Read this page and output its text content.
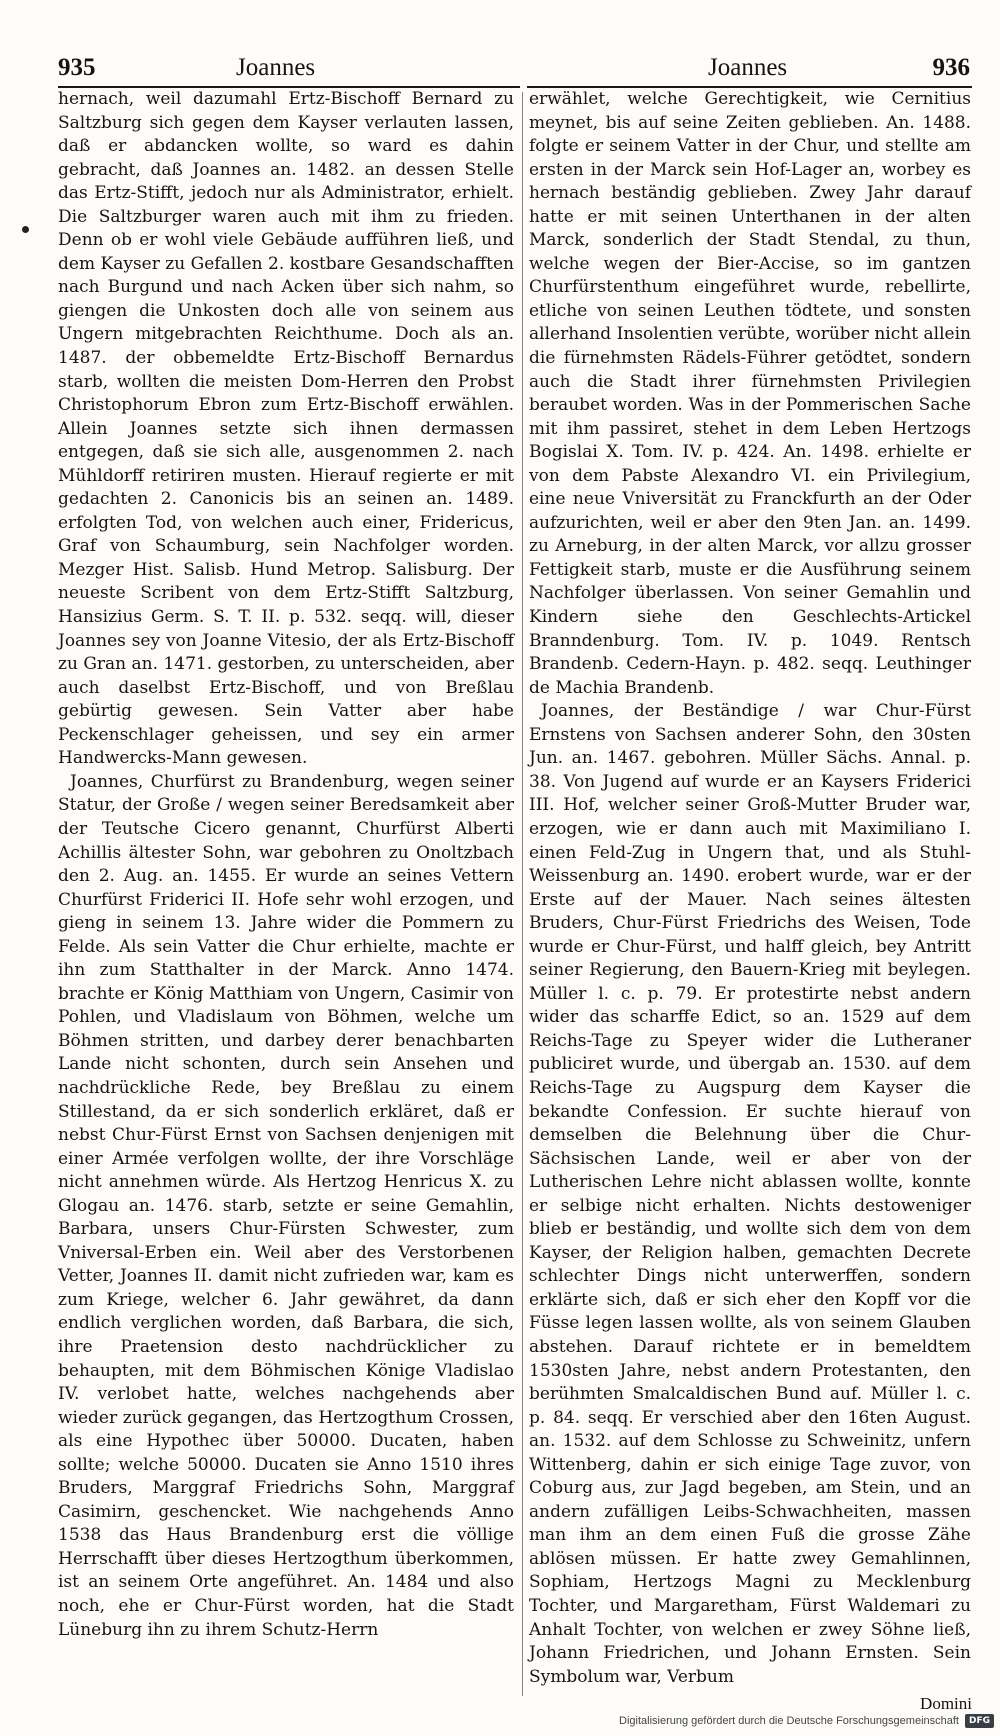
935	Joannes	Joannes	936

hernach, weil dazumahl Ertz-Bischoff Bernard zu Saltzburg sich gegen dem Kayser verlauten lassen, daß er abdancken wollte, so ward es dahin gebracht, daß Joannes an. 1482. an dessen Stelle das Ertz-Stifft, jedoch nur als Administrator, erhielt. Die Saltzburger waren auch mit ihm zu frieden. Denn ob er wohl viele Gebäude aufführen ließ, und dem Kayser zu Gefallen 2. kostbare Gesandschafften nach Burgund und nach Acken über sich nahm, so giengen die Unkosten doch alle von seinem aus Ungern mitgebrachten Reichthume. Doch als an. 1487. der obbemeldte Ertz-Bischoff Bernardus starb, wollten die meisten Dom-Herren den Probst Christophorum Ebron zum Ertz-Bischoff erwählen. Allein Joannes setzte sich ihnen dermassen entgegen, daß sie sich alle, ausgenommen 2. nach Mühldorff retiriren musten. Hierauf regierte er mit gedachten 2. Canonicis bis an seinen an. 1489. erfolgten Tod, von welchen auch einer, Fridericus, Graf von Schaumburg, sein Nachfolger worden. Mezger Hist. Salisb. Hund Metrop. Salisburg. Der neueste Scribent von dem Ertz-Stifft Saltzburg, Hansizius Germ. S. T. II. p. 532. seqq. will, dieser Joannes sey von Joanne Vitesio, der als Ertz-Bischoff zu Gran an. 1471. gestorben, zu unterscheiden, aber auch daselbst Ertz-Bischoff, und von Breßlau gebürtig gewesen. Sein Vatter aber habe Peckenschlager geheissen, und sey ein armer Handwercks-Mann gewesen.

Joannes, Churfürst zu Brandenburg, wegen seiner Statur, der Große / wegen seiner Beredsamkeit aber der Teutsche Cicero genannt, Churfürst Alberti Achillis ältester Sohn, war gebohren zu Onoltzbach den 2. Aug. an. 1455. Er wurde an seines Vettern Churfürst Friderici II. Hofe sehr wohl erzogen, und gieng in seinem 13. Jahre wider die Pommern zu Felde. Als sein Vatter die Chur erhielte, machte er ihn zum Statthalter in der Marck. Anno 1474. brachte er König Matthiam von Ungern, Casimir von Pohlen, und Vladislaum von Böhmen, welche um Böhmen stritten, und darbey derer benachbarten Lande nicht schonten, durch sein Ansehen und nachdrückliche Rede, bey Breßlau zu einem Stillestand, da er sich sonderlich erkläret, daß er nebst Chur-Fürst Ernst von Sachsen denjenigen mit einer Armée verfolgen wollte, der ihre Vorschläge nicht annehmen würde. Als Hertzog Henricus X. zu Glogau an. 1476. starb, setzte er seine Gemahlin, Barbara, unsers Chur-Fürsten Schwester, zum Vniversal-Erben ein. Weil aber des Verstorbenen Vetter, Joannes II. damit nicht zufrieden war, kam es zum Kriege, welcher 6. Jahr gewähret, da dann endlich verglichen worden, daß Barbara, die sich, ihre Praetension desto nachdrücklicher zu behaupten, mit dem Böhmischen Könige Vladislao IV. verlobet hatte, welches nachgehends aber wieder zurück gegangen, das Hertzogthum Crossen, als eine Hypothec über 50000. Ducaten, haben sollte; welche 50000. Ducaten sie Anno 1510 ihres Bruders, Marggraf Friedrichs Sohn, Marggraf Casimirn, geschencket. Wie nachgehends Anno 1538 das Haus Brandenburg erst die völlige Herrschafft über dieses Hertzogthum überkommen, ist an seinem Orte angeführet. An. 1484 und also noch, ehe er Chur-Fürst worden, hat die Stadt Lüneburg ihn zu ihrem Schutz-Herrn

erwählet, welche Gerechtigkeit, wie Cernitius meynet, bis auf seine Zeiten geblieben. An. 1488. folgte er seinem Vatter in der Chur, und stellte am ersten in der Marck sein Hof-Lager an, worbey es hernach beständig geblieben. Zwey Jahr darauf hatte er mit seinen Unterthanen in der alten Marck, sonderlich der Stadt Stendal, zu thun, welche wegen der Bier-Accise, so im gantzen Churfürstenthum eingeführet wurde, rebellirte, etliche von seinen Leuthen tödtete, und sonsten allerhand Insolentien verübte, worüber nicht allein die fürnehmsten Rädels-Führer getödtet, sondern auch die Stadt ihrer fürnehmsten Privilegien beraubet worden. Was in der Pommerischen Sache mit ihm passiret, stehet in dem Leben Hertzogs Bogislai X. Tom. IV. p. 424. An. 1498. erhielte er von dem Pabste Alexandro VI. ein Privilegium, eine neue Vniversität zu Franckfurth an der Oder aufzurichten, weil er aber den 9ten Jan. an. 1499. zu Arneburg, in der alten Marck, vor allzu grosser Fettigkeit starb, muste er die Ausführung seinem Nachfolger überlassen. Von seiner Gemahlin und Kindern siehe den Geschlechts-Artickel Branndenburg. Tom. IV. p. 1049. Rentsch Brandenb. Cedern-Hayn. p. 482. seqq. Leuthinger de Machia Brandenb.

Joannes, der Beständige / war Chur-Fürst Ernstens von Sachsen anderer Sohn, den 30sten Jun. an. 1467. gebohren. Müller Sächs. Annal. p. 38. Von Jugend auf wurde er an Kaysers Friderici III. Hof, welcher seiner Groß-Mutter Bruder war, erzogen, wie er dann auch mit Maximiliano I. einen Feld-Zug in Ungern that, und als Stuhl-Weissenburg an. 1490. erobert wurde, war er der Erste auf der Mauer. Nach seines ältesten Bruders, Chur-Fürst Friedrichs des Weisen, Tode wurde er Chur-Fürst, und halff gleich, bey Antritt seiner Regierung, den Bauern-Krieg mit beylegen. Müller l. c. p. 79. Er protestirte nebst andern wider das scharffe Edict, so an. 1529 auf dem Reichs-Tage zu Speyer wider die Lutheraner publiciret wurde, und übergab an. 1530. auf dem Reichs-Tage zu Augspurg dem Kayser die bekandte Confession. Er suchte hierauf von demselben die Belehnung über die Chur-Sächsischen Lande, weil er aber von der Lutherischen Lehre nicht ablassen wollte, konnte er selbige nicht erhalten. Nichts destoweniger blieb er beständig, und wollte sich dem von dem Kayser, der Religion halben, gemachten Decrete schlechter Dings nicht unterwerffen, sondern erklärte sich, daß er sich eher den Kopff vor die Füsse legen lassen wollte, als von seinem Glauben abstehen. Darauf richtete er in bemeldtem 1530sten Jahre, nebst andern Protestanten, den berühmten Smalcaldischen Bund auf. Müller l. c. p. 84. seqq. Er verschied aber den 16ten August. an. 1532. auf dem Schlosse zu Schweinitz, unfern Wittenberg, dahin er sich einige Tage zuvor, von Coburg aus, zur Jagd begeben, am Stein, und an andern zufälligen Leibs-Schwachheiten, massen man ihm an dem einen Fuß die grosse Zähe ablösen müssen. Er hatte zwey Gemahlinnen, Sophiam, Hertzogs Magni zu Mecklenburg Tochter, und Margaretham, Fürst Waldemari zu Anhalt Tochter, von welchen er zwey Söhne ließ, Johann Friedrichen, und Johann Ernsten. Sein Symbolum war, Verbum

Domini
Digitalisierung gefördert durch die Deutsche Forschungsgemeinschaft	DFG
